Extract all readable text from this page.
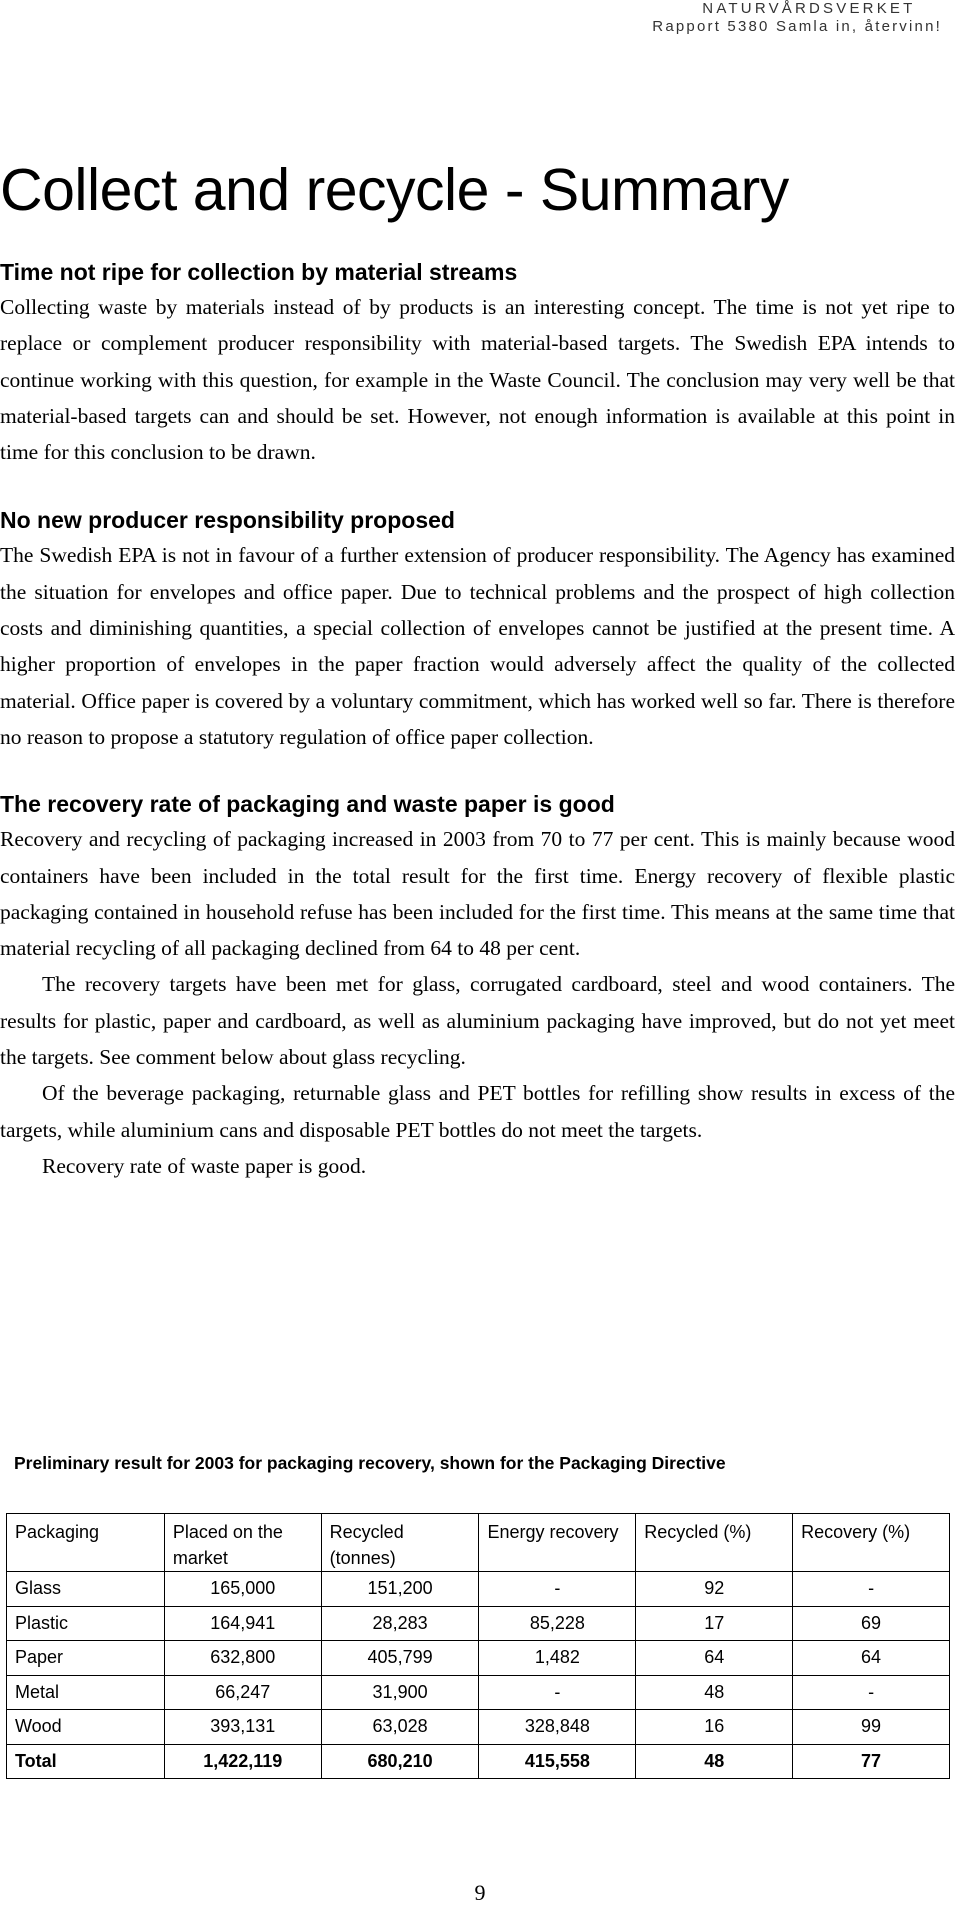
NATURVÅRDSVERKET
Rapport 5380 Samla in, återvinn!
Collect and recycle - Summary
Time not ripe for collection by material streams

Collecting waste by materials instead of by products is an interesting concept. The time is not yet ripe to replace or complement producer responsibility with material-based targets. The Swedish EPA intends to continue working with this question, for example in the Waste Council. The conclusion may very well be that material-based targets can and should be set. However, not enough information is available at this point in time for this conclusion to be drawn.

No new producer responsibility proposed

The Swedish EPA is not in favour of a further extension of producer responsibility. The Agency has examined the situation for envelopes and office paper. Due to technical problems and the prospect of high collection costs and diminishing quantities, a special collection of envelopes cannot be justified at the present time. A higher proportion of envelopes in the paper fraction would adversely affect the quality of the collected material. Office paper is covered by a voluntary commitment, which has worked well so far. There is therefore no reason to propose a statutory regulation of office paper collection.

The recovery rate of packaging and waste paper is good

Recovery and recycling of packaging increased in 2003 from 70 to 77 per cent. This is mainly because wood containers have been included in the total result for the first time. Energy recovery of flexible plastic packaging contained in household refuse has been included for the first time. This means at the same time that material recycling of all packaging declined from 64 to 48 per cent.

The recovery targets have been met for glass, corrugated cardboard, steel and wood containers. The results for plastic, paper and cardboard, as well as aluminium packaging have improved, but do not yet meet the targets. See comment below about glass recycling.

Of the beverage packaging, returnable glass and PET bottles for refilling show results in excess of the targets, while aluminium cans and disposable PET bottles do not meet the targets.

Recovery rate of waste paper is good.

Preliminary result for 2003 for packaging recovery, shown for the Packaging Directive
Packaging	Placed on the market	Recycled (tonnes)	Energy recovery	Recycled (%)	Recovery (%)
Glass	165,000	151,200	-	92	-
Plastic	164,941	28,283	85,228	17	69
Paper	632,800	405,799	1,482	64	64
Metal	66,247	31,900	-	48	-
Wood	393,131	63,028	328,848	16	99
Total	1,422,119	680,210	415,558	48	77
9
